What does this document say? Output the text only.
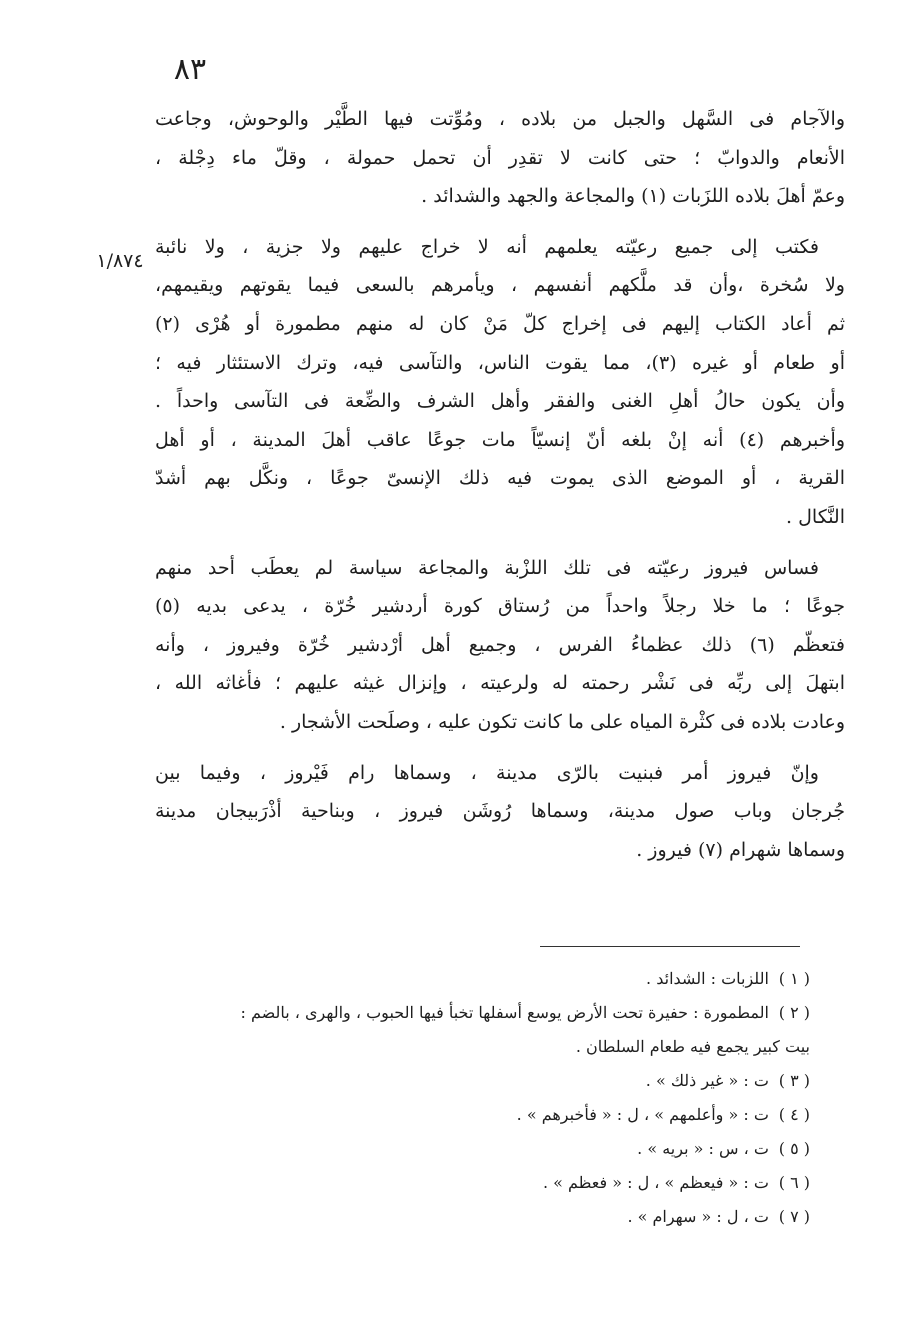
٨٣
١/٨٧٤

والآجام فى السَّهل والجبل من بلاده ، ومُوِّتت فيها الطَّيْر والوحوش، وجاعت
الأنعام والدوابّ ؛ حتى كانت لا تقدِر أن تحمل حمولة ، وقلّ ماء دِجْلة ،
وعمّ أهلَ بلاده اللزَبات (١) والمجاعة والجهد والشدائد .

فكتب إلى جميع رعيّته يعلمهم أنه لا خراج عليهم ولا جزية ، ولا نائبة
ولا سُخرة ،وأن قد ملَّكهم أنفسهم ، ويأمرهم بالسعى فيما يقوتهم ويقيمهم،
ثم أعاد الكتاب إليهم فى إخراج كلّ مَنْ كان له منهم مطمورة أو هُرْى (٢)
أو طعام أو غيره (٣)، مما يقوت الناس، والتآسى فيه، وترك الاستئثار فيه ؛
وأن يكون حالُ أهلِ الغنى والفقر وأهل الشرف والضِّعة فى التآسى واحداً .
وأخبرهم (٤) أنه إنْ بلغه أنّ إنسيّاً مات جوعًا عاقب أهلَ المدينة ، أو أهل
القرية ، أو الموضع الذى يموت فيه ذلك الإنسىّ جوعًا ، ونكَّل بهم أشدّ
النَّكال .

فساس فيروز رعيّته فى تلك اللزْبة والمجاعة سياسة لم يعطَب أحد منهم
جوعًا ؛ ما خلا رجلاً واحداً من رُستاق كورة أردشير خُرّة ، يدعى بديه (٥)
فتعظّم (٦) ذلك عظماءُ الفرس ، وجميع أهل أرْدشير خُرّة وفيروز ، وأنه
ابتهلَ إلى ربِّه فى نَشْر رحمته له ولرعيته ، وإنزال غيثه عليهم ؛ فأغاثه الله ،
وعادت بلاده فى كثْرة المياه على ما كانت تكون عليه ، وصلَحت الأشجار .

وإنّ فيروز أمر فبنيت بالرّى مدينة ، وسماها رام فَيْروز ، وفيما بين
جُرجان وباب صول مدينة، وسماها رُوشَن فيروز ، وبناحية أذْرَبيجان مدينة
وسماها شهرام (٧) فيروز .

( ١ ) اللزبات : الشدائد .
( ٢ ) المطمورة : حفيرة تحت الأرض يوسع أسفلها تخبأ فيها الحبوب ، والهرى ، بالضم :
بيت كبير يجمع فيه طعام السلطان .
( ٣ ) ت : « غير ذلك » .
( ٤ ) ت : « وأعلمهم » ، ل : « فأخبرهم » .
( ٥ ) ت ، س : « بريه » .
( ٦ ) ت : « فيعظم » ، ل : « فعظم » .
( ٧ ) ت ، ل : « سهرام » .
